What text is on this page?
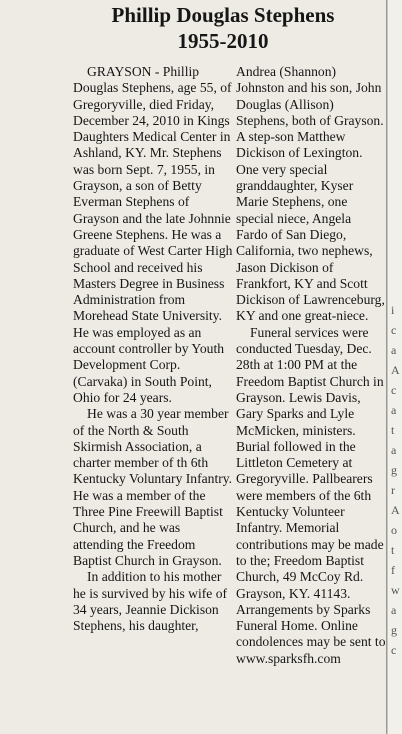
Phillip Douglas Stephens
1955-2010

GRAYSON - Phillip Douglas Stephens, age 55, of Gregoryville, died Friday, December 24, 2010 in Kings Daughters Medical Center in Ashland, KY. Mr. Stephens was born Sept. 7, 1955, in Grayson, a son of Betty Everman Stephens of Grayson and the late Johnnie Greene Stephens. He was a graduate of West Carter High School and received his Masters Degree in Business Administration from Morehead State University. He was employed as an account controller by Youth Development Corp.(Carvaka) in South Point, Ohio for 24 years.

He was a 30 year member of the North & South Skirmish Association, a charter member of th 6th Kentucky Voluntary Infantry. He was a member of the Three Pine Freewill Baptist Church, and he was attending the Freedom Baptist Church in Grayson.

In addition to his mother he is survived by his wife of 34 years, Jeannie Dickison Stephens, his daughter,

Andrea (Shannon) Johnston and his son, John Douglas (Allison) Stephens, both of Grayson. A step-son Matthew Dickison of Lexington. One very special granddaughter, Kyser Marie Stephens, one special niece, Angela Fardo of San Diego, California, two nephews, Jason Dickison of Frankfort, KY and Scott Dickison of Lawrenceburg, KY and one great-niece.

Funeral services were conducted Tuesday, Dec. 28th at 1:00 PM at the Freedom Baptist Church in Grayson. Lewis Davis, Gary Sparks and Lyle McMicken, ministers. Burial followed in the Littleton Cemetery at Gregoryville. Pallbearers were members of the 6th Kentucky Volunteer Infantry. Memorial contributions may be made to the; Freedom Baptist Church, 49 McCoy Rd. Grayson, KY. 41143. Arrangements by Sparks Funeral Home. Online condolences may be sent to www.sparksfh.com

i
c
a
A
c
a
t
a
g
r
A
o
t
f
w
a
g
c
